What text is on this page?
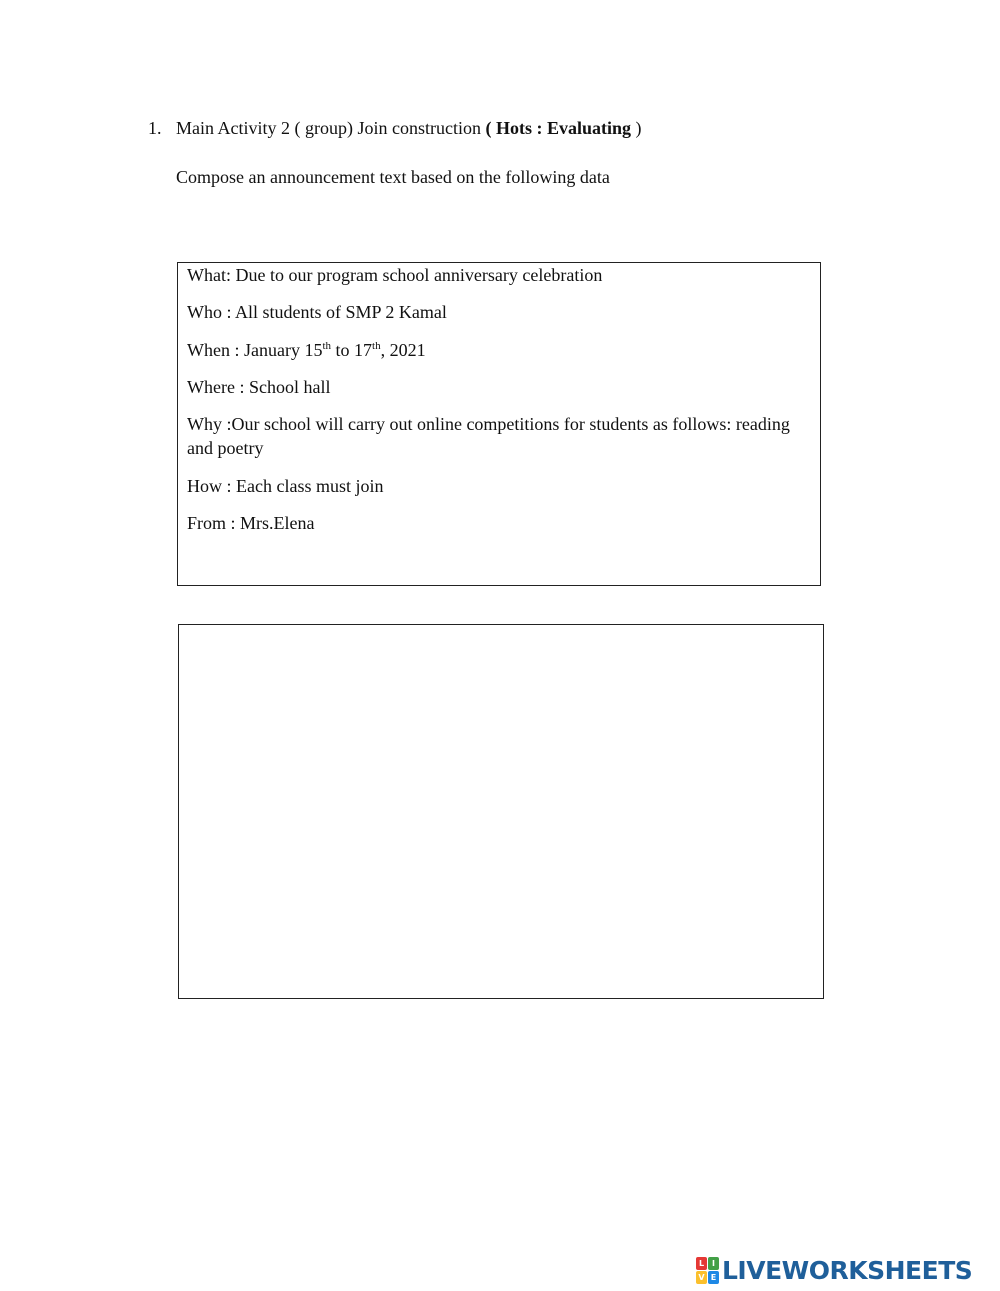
1. Main Activity 2 ( group) Join construction ( Hots : Evaluating )
Compose an announcement text based on the following data
What: Due to our program school anniversary celebration
Who : All students of SMP 2 Kamal
When : January 15th to 17th, 2021
Where : School hall
Why :Our school will carry out online competitions for students as follows: reading and poetry
How : Each class must join
From : Mrs.Elena
L I
V E LIVEWORKSHEETS
